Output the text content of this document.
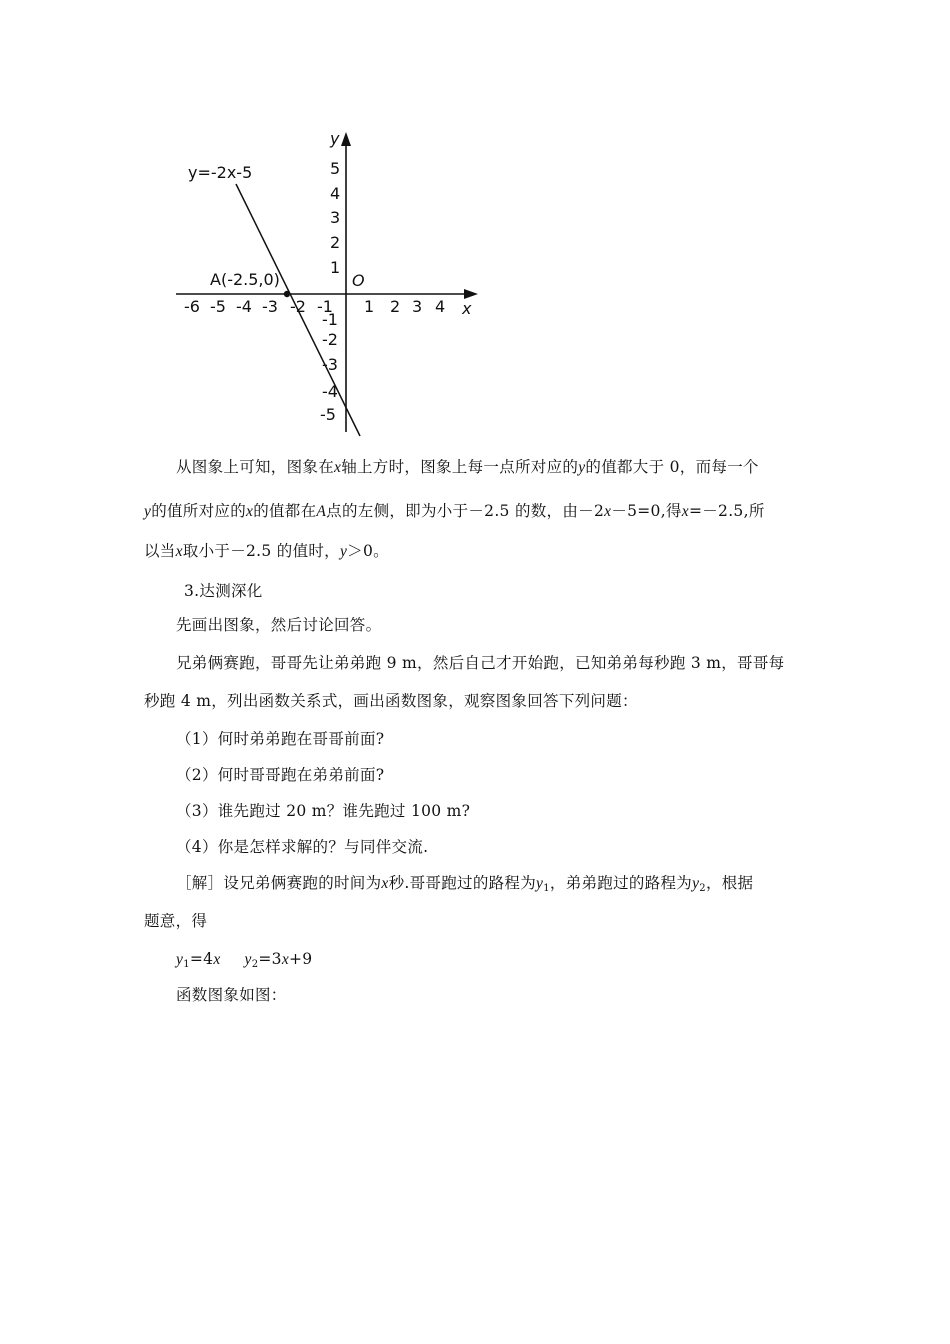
y=-2x-5
A(-2.5,0)	O
x
y
-6 -5 -4 -3 -2 -1 1 2 3 4
5
4
3
2
1
-1
-2
-3
-4
-5
从图象上可知，图象在x轴上方时，图象上每一点所对应的y的值都大于 0，而每一个
y的值所对应的x的值都在A点的左侧，即为小于－2.5 的数，由－2x－5=0,得x=－2.5,所
以当x取小于－2.5 的值时，y＞0。
3.达测深化
先画出图象，然后讨论回答。
兄弟俩赛跑，哥哥先让弟弟跑 9 m，然后自己才开始跑，已知弟弟每秒跑 3 m，哥哥每
秒跑 4 m，列出函数关系式，画出函数图象，观察图象回答下列问题：
（1）何时弟弟跑在哥哥前面?
（2）何时哥哥跑在弟弟前面?
（3）谁先跑过 20 m？谁先跑过 100 m?
（4）你是怎样求解的？与同伴交流.
［解］设兄弟俩赛跑的时间为x秒.哥哥跑过的路程为$y_1$，弟弟跑过的路程为$y_2$，根据
题意，得
$y_1=4x$ $y_2=3x+9$
函数图象如图：
